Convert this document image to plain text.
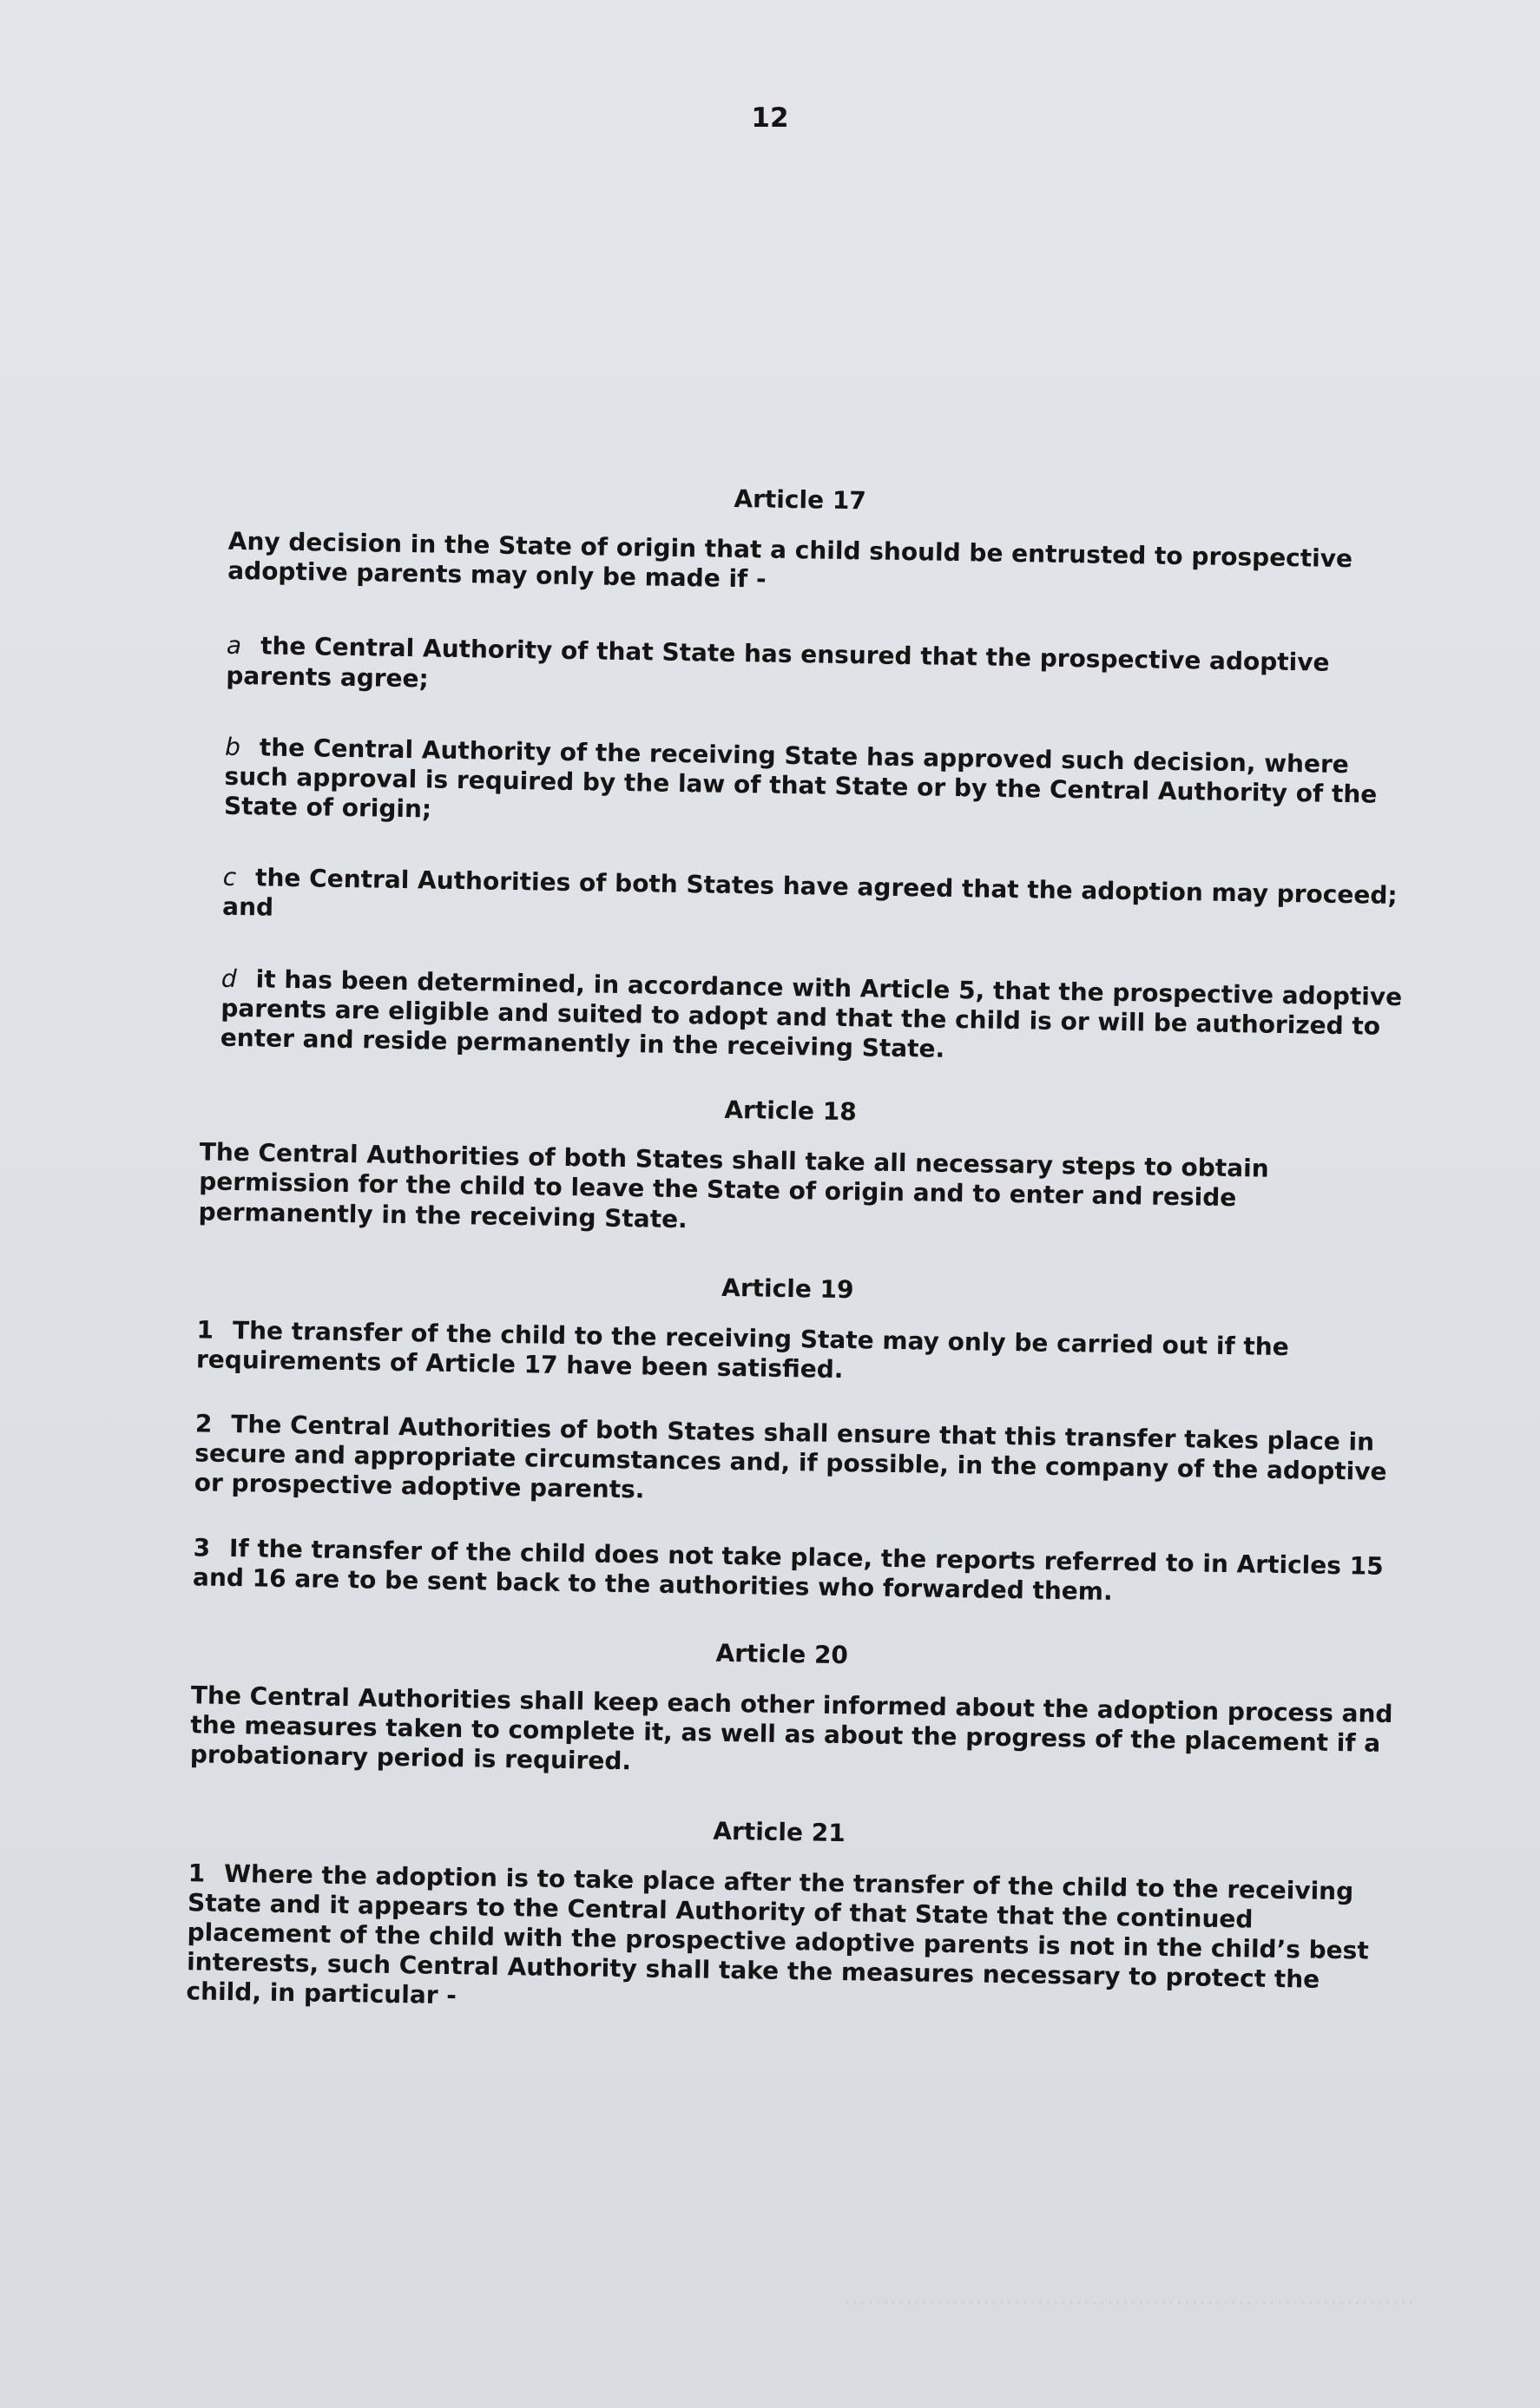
..........................................................................
12
Article 17

Any decision in the State of origin that a child should be entrusted to prospective adoptive parents may only be made if -

a the Central Authority of that State has ensured that the prospective adoptive parents agree;

b the Central Authority of the receiving State has approved such decision, where such approval is required by the law of that State or by the Central Authority of the State of origin;

c the Central Authorities of both States have agreed that the adoption may proceed; and

d it has been determined, in accordance with Article 5, that the prospective adoptive parents are eligible and suited to adopt and that the child is or will be authorized to enter and reside permanently in the receiving State.

Article 18

The Central Authorities of both States shall take all necessary steps to obtain permission for the child to leave the State of origin and to enter and reside permanently in the receiving State.

Article 19

1 The transfer of the child to the receiving State may only be carried out if the requirements of Article 17 have been satisfied.

2 The Central Authorities of both States shall ensure that this transfer takes place in secure and appropriate circumstances and, if possible, in the company of the adoptive or prospective adoptive parents.

3 If the transfer of the child does not take place, the reports referred to in Articles 15 and 16 are to be sent back to the authorities who forwarded them.

Article 20

The Central Authorities shall keep each other informed about the adoption process and the measures taken to complete it, as well as about the progress of the placement if a probationary period is required.

Article 21

1 Where the adoption is to take place after the transfer of the child to the receiving State and it appears to the Central Authority of that State that the continued placement of the child with the prospective adoptive parents is not in the child’s best interests, such Central Authority shall take the measures necessary to protect the child, in particular -
